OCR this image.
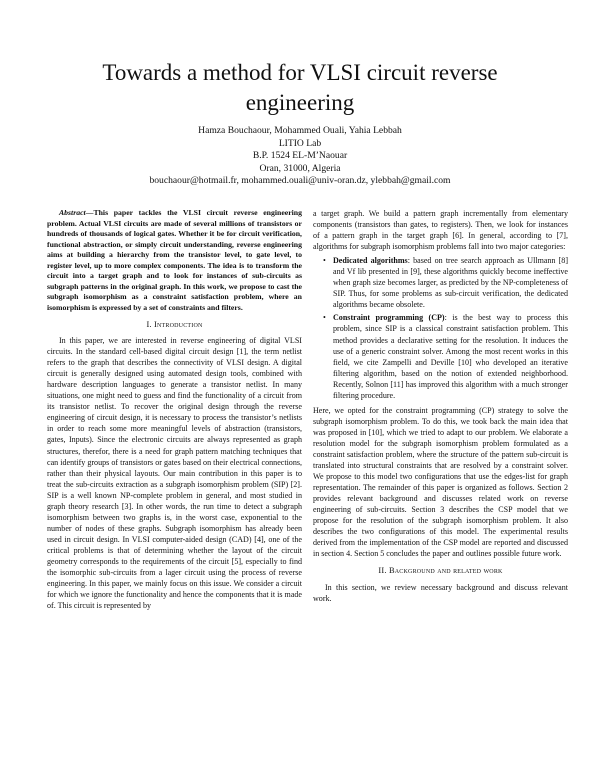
Towards a method for VLSI circuit reverse engineering
Hamza Bouchaour, Mohammed Ouali, Yahia Lebbah
LITIO Lab
B.P. 1524 EL-M’Naouar
Oran, 31000, Algeria
bouchaour@hotmail.fr, mohammed.ouali@univ-oran.dz, ylebbah@gmail.com

Abstract—This paper tackles the VLSI circuit reverse engineering problem. Actual VLSI circuits are made of several millions of transistors or hundreds of thousands of logical gates. Whether it be for circuit verification, functional abstraction, or simply circuit understanding, reverse engineering aims at building a hierarchy from the transistor level, to gate level, to register level, up to more complex components. The idea is to transform the circuit into a target graph and to look for instances of sub-circuits as subgraph patterns in the original graph. In this work, we propose to cast the subgraph isomorphism as a constraint satisfaction problem, where an isomorphism is expressed by a set of constraints and filters.

I. Introduction

In this paper, we are interested in reverse engineering of digital VLSI circuits. In the standard cell-based digital circuit design [1], the term netlist refers to the graph that describes the connectivity of VLSI design. A digital circuit is generally designed using automated design tools, combined with hardware description languages to generate a transistor netlist. In many situations, one might need to guess and find the functionality of a circuit from its transistor netlist. To recover the original design through the reverse engineering of circuit design, it is necessary to process the transistor’s netlists in order to reach some more meaningful levels of abstraction (transistors, gates, Inputs). Since the electronic circuits are always represented as graph structures, therefor, there is a need for graph pattern matching techniques that can identify groups of transistors or gates based on their electrical connections, rather than their physical layouts. Our main contribution in this paper is to treat the sub-circuits extraction as a subgraph isomorphism problem (SIP) [2]. SIP is a well known NP-complete problem in general, and most studied in graph theory research [3]. In other words, the run time to detect a subgraph isomorphism between two graphs is, in the worst case, exponential to the number of nodes of these graphs. Subgraph isomorphism has already been used in circuit design. In VLSI computer-aided design (CAD) [4], one of the critical problems is that of determining whether the layout of the circuit geometry corresponds to the requirements of the circuit [5], especially to find the isomorphic sub-circuits from a lager circuit using the process of reverse engineering. In this paper, we mainly focus on this issue. We consider a circuit for which we ignore the functionality and hence the components that it is made of. This circuit is represented by

a target graph. We build a pattern graph incrementally from elementary components (transistors than gates, to registers). Then, we look for instances of a pattern graph in the target graph [6]. In general, according to [7], algorithms for subgraph isomorphism problems fall into two major categories:

• Dedicated algorithms: based on tree search approach as Ullmann [8] and Vf lib presented in [9], these algorithms quickly become ineffective when graph size becomes larger, as predicted by the NP-completeness of SIP. Thus, for some problems as sub-circuit verification, the dedicated algorithms became obsolete.
• Constraint programming (CP): is the best way to process this problem, since SIP is a classical constraint satisfaction problem. This method provides a declarative setting for the resolution. It induces the use of a generic constraint solver. Among the most recent works in this field, we cite Zampelli and Deville [10] who developed an iterative filtering algorithm, based on the notion of extended neighborhood. Recently, Solnon [11] has improved this algorithm with a much stronger filtering procedure.

Here, we opted for the constraint programming (CP) strategy to solve the subgraph isomorphism problem. To do this, we took back the main idea that was proposed in [10], which we tried to adapt to our problem. We elaborate a resolution model for the subgraph isomorphism problem formulated as a constraint satisfaction problem, where the structure of the pattern sub-circuit is translated into structural constraints that are resolved by a constraint solver. We propose to this model two configurations that use the edges-list for graph representation. The remainder of this paper is organized as follows. Section 2 provides relevant background and discusses related work on reverse engineering of sub-circuits. Section 3 describes the CSP model that we propose for the resolution of the subgraph isomorphism problem. It also describes the two configurations of this model. The experimental results derived from the implementation of the CSP model are reported and discussed in section 4. Section 5 concludes the paper and outlines possible future work.

II. Background and related work

In this section, we review necessary background and discuss relevant work.
